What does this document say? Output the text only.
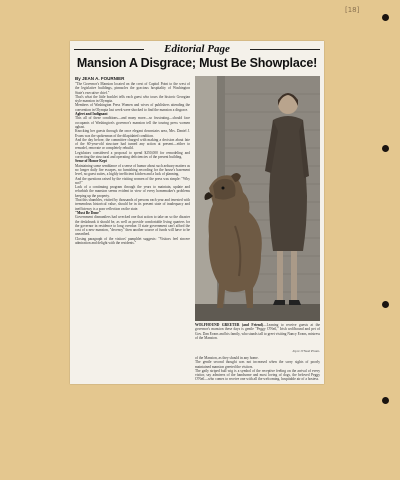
[18]
Editorial Page
Mansion A Disgrace; Must Be Showplace!
By JEAN A. FOURNIER

"The Governor's Mansion located on the crest of Capitol Point to the west of the legislative buildings, pinnacles the gracious hospitality of Washington State's executive chief."

That's what the little booklet tells each guest who tours the historic Georgian style mansion in Olympia.

Members of Washington Press Women and wives of publishers attending the convention in Olympia last week were shocked to find the mansion a disgrace.

Agleet and Indignant

This all of these conditions—and many more—so frustrating—should face occupants of Washington's governor's mansion tell the touring press women aghast.

Knocking her guests through the once elegant downstairs area, Mrs. Daniel J. Evans was the spokesman of the dilapidated condition.

And the day before, the committee charged with making a decision about fate of the 60-year-old structure had turned any action at present—either to remodel, renovate or completely rebuild.

Legislators considered a proposal to spend $250,000 for remodeling and correcting the structural and operating deficiencies of the present building.

Sense of Honor Kept

Maintaining some semblance of a sense of humor about such arduary matters as no longer daily fire escapes, no furnishing recording for the house's basement level, no guest suites, a highly inefficient kitchen and a lack of planning.

And the questions raised by the visiting women of the press was simple: "Why not?"

Lack of a continuing program through the years to maintain, update and refurbish the mansion seems evident in view of every homemaker's problems keeping up the property.

That this shambles, visited by thousands of persons each year and invested with tremendous historical value, should be in its present state of inadequacy and inefficiency is a poor reflection on the state.

"Must Be Done"

Government dismantlers had wrecked one that action to take on so the disaster the deskdrunk it should be, as well as provide comfortable living quarters for the governor in residence to long overdue. If state government can't afford the cost of a new mansion, "decency" then another source of funds will have to be unearthed.

Closing paragraph of the visitors' pamphlet suggests: "Visitors feel sincere admiration and delight with the residents."

WOLFHOUND GREETER (and Friend)—Leaning to receive guests at the governor's mansion these days is gentle "Peggy O'Neil," Irish wolfhound and pet of Gov. Dan Evans and his family, who stands tall to greet visiting Nancy Evans, mistress of the Mansion.
Joyce O'Neal Photo.

of the Mansion, as they should in any home.

The gentle second thought was not increased when the sorry sights of poorly maintained mansion greeted the visitors.

The gaily striped bull wig is a symbol of the receptive feeling on the arrival of every visitor, say admirers of the handsome and most loving of dogs, the beloved Peggy O'Neil—who comes to receive one with all the welcoming, hospitable air of a hostess.
